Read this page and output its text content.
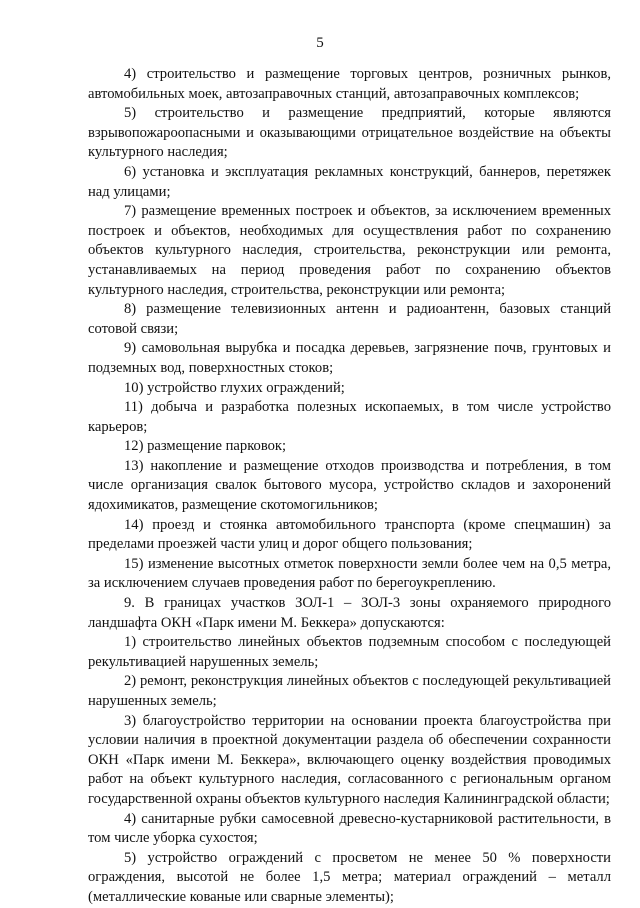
5

4) строительство и размещение торговых центров, розничных рынков, автомобильных моек, автозаправочных станций, автозаправочных комплексов;

5) строительство и размещение предприятий, которые являются взрывопожароопасными и оказывающими отрицательное воздействие на объекты культурного наследия;

6) установка и эксплуатация рекламных конструкций, баннеров, перетяжек над улицами;

7) размещение временных построек и объектов, за исключением временных построек и объектов, необходимых для осуществления работ по сохранению объектов культурного наследия, строительства, реконструкции или ремонта, устанавливаемых на период проведения работ по сохранению объектов культурного наследия, строительства, реконструкции или ремонта;

8) размещение телевизионных антенн и радиоантенн, базовых станций сотовой связи;

9) самовольная вырубка и посадка деревьев, загрязнение почв, грунтовых и подземных вод, поверхностных стоков;

10) устройство глухих ограждений;

11) добыча и разработка полезных ископаемых, в том числе устройство карьеров;

12) размещение парковок;

13) накопление и размещение отходов производства и потребления, в том числе организация свалок бытового мусора, устройство складов и захоронений ядохимикатов, размещение скотомогильников;

14) проезд и стоянка автомобильного транспорта (кроме спецмашин) за пределами проезжей части улиц и дорог общего пользования;

15) изменение высотных отметок поверхности земли более чем на 0,5 метра, за исключением случаев проведения работ по берегоукреплению.

9. В границах участков ЗОЛ-1 – ЗОЛ-3 зоны охраняемого природного ландшафта ОКН «Парк имени М. Беккера» допускаются:

1) строительство линейных объектов подземным способом с последующей рекультивацией нарушенных земель;

2) ремонт, реконструкция линейных объектов с последующей рекультивацией нарушенных земель;

3) благоустройство территории на основании проекта благоустройства при условии наличия в проектной документации раздела об обеспечении сохранности ОКН «Парк имени М. Беккера», включающего оценку воздействия проводимых работ на объект культурного наследия, согласованного с региональным органом государственной охраны объектов культурного наследия Калининградской области;

4) санитарные рубки самосевной древесно-кустарниковой растительности, в том числе уборка сухостоя;

5) устройство ограждений с просветом не менее 50 % поверхности ограждения, высотой не более 1,5 метра; материал ограждений – металл (металлические кованые или сварные элементы);
